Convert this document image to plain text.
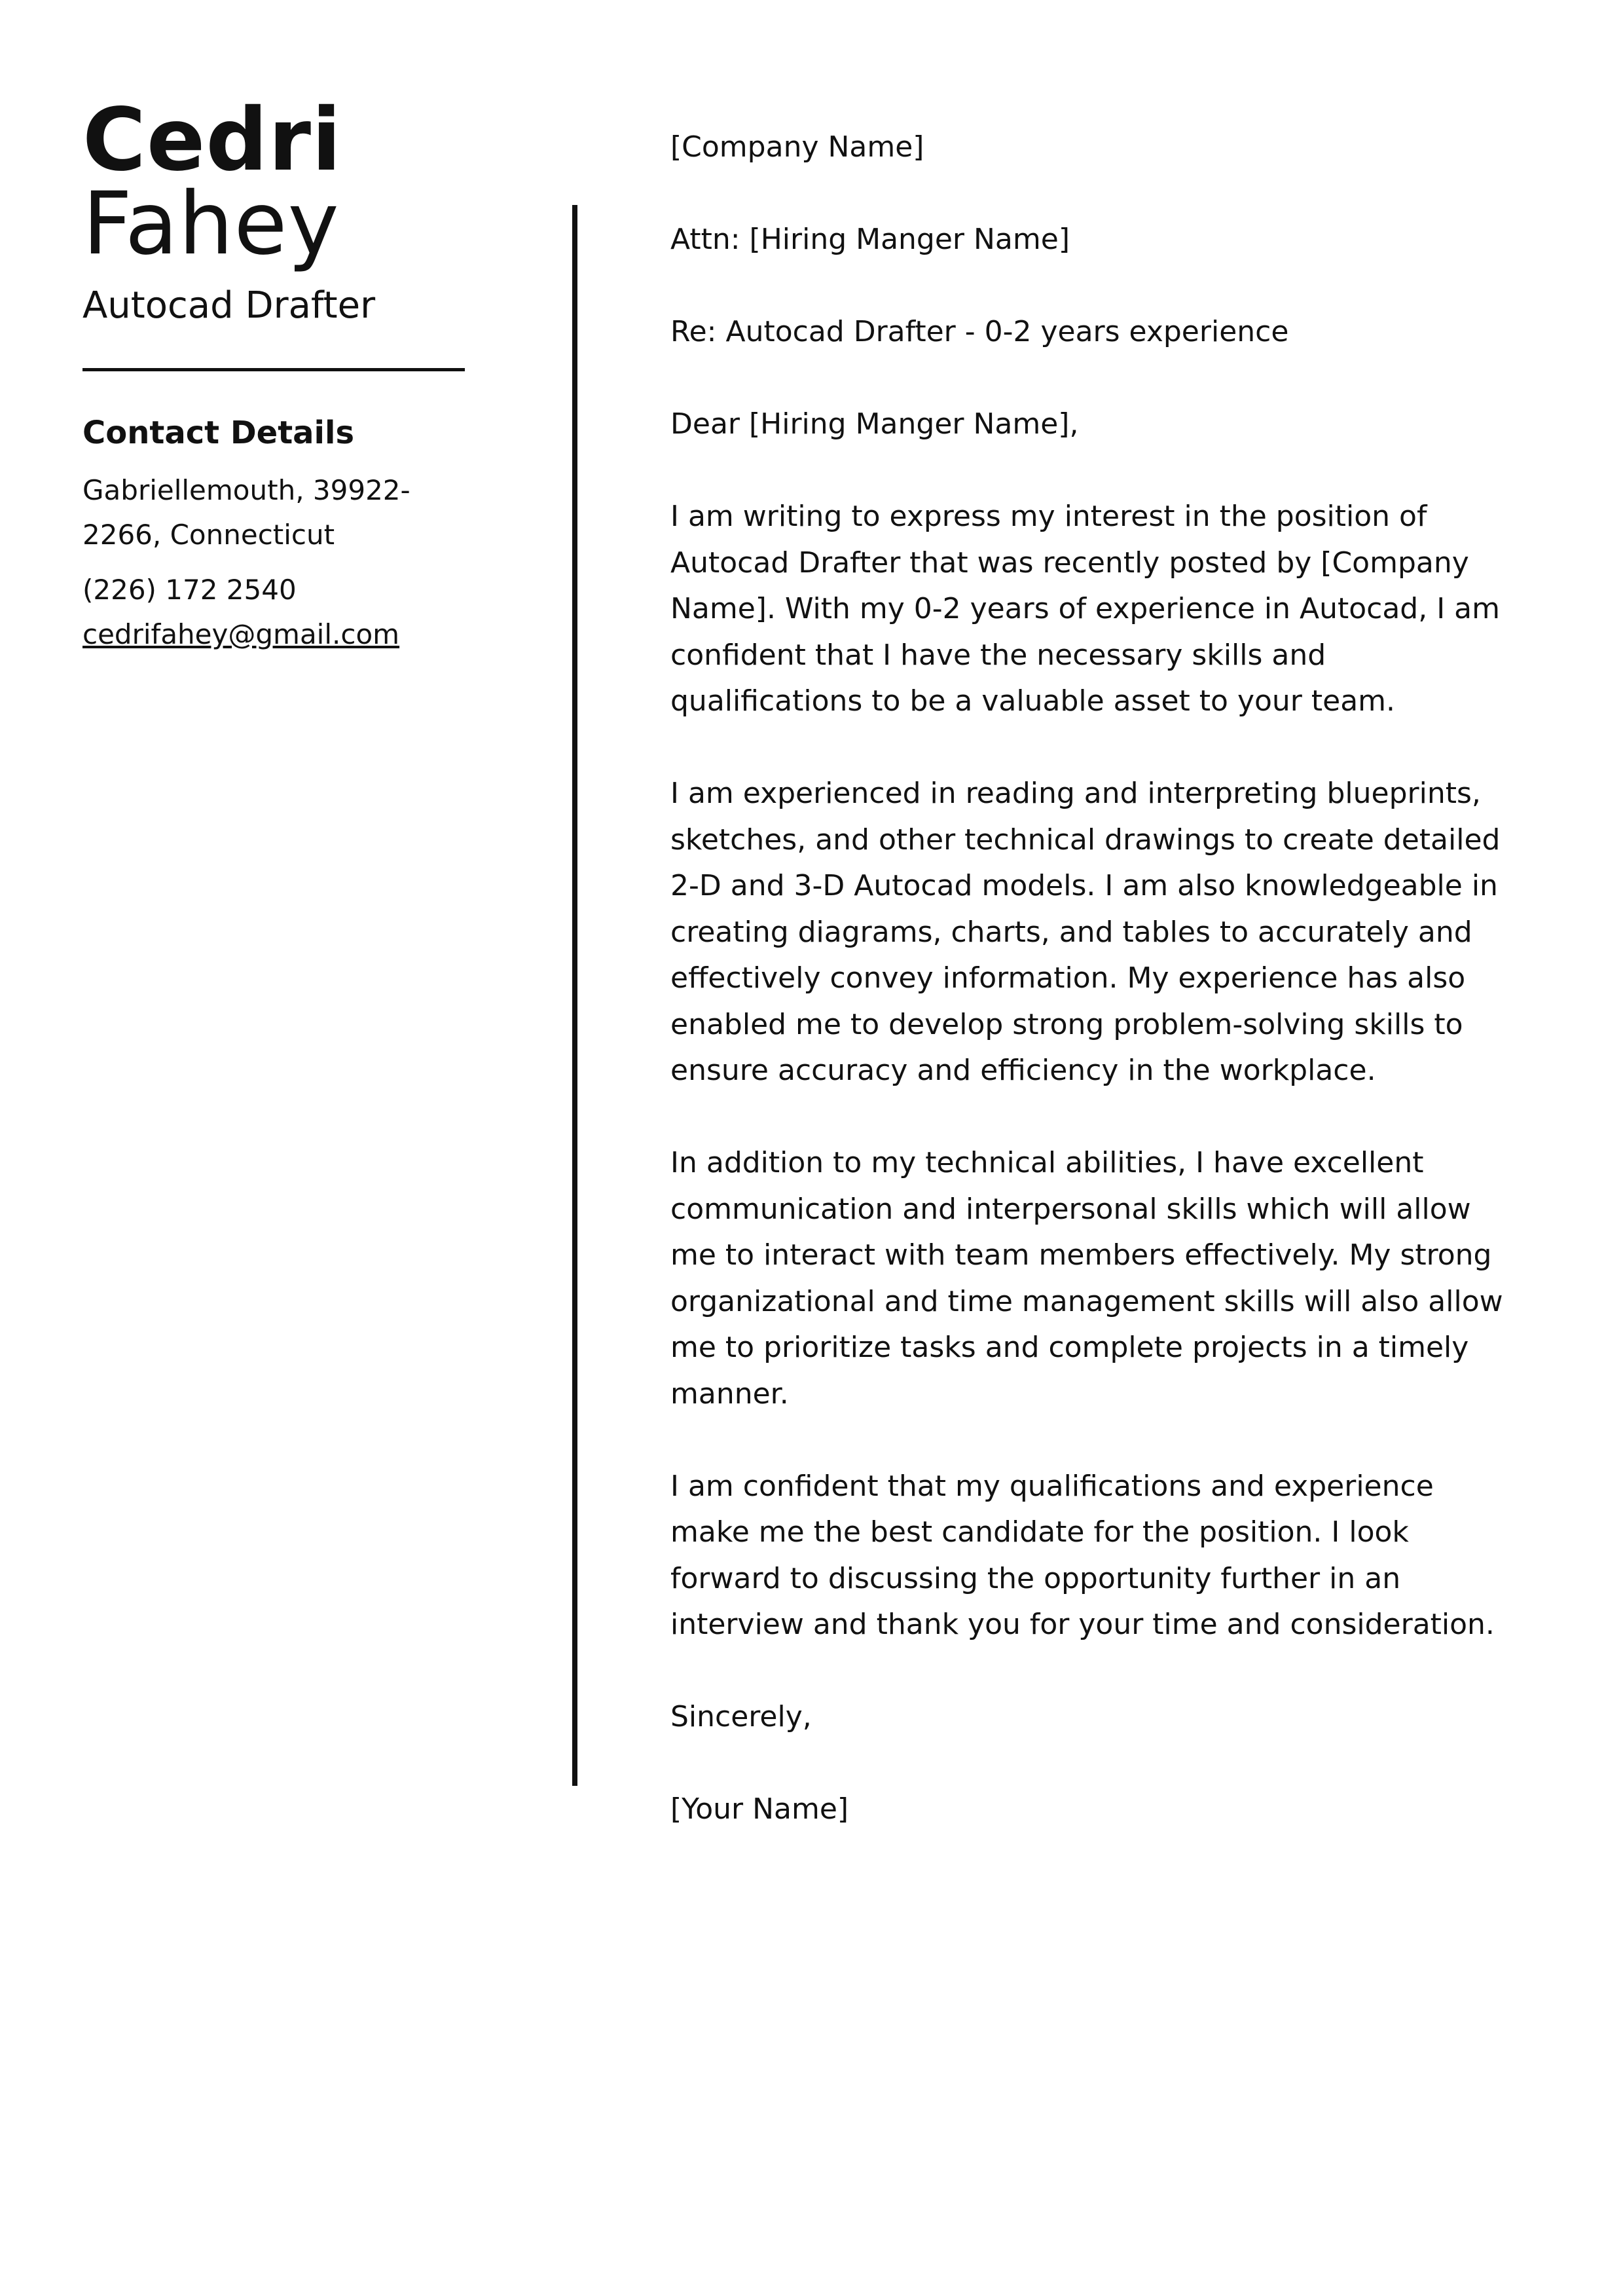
Cedri
Fahey
Autocad Drafter
Contact Details
Gabriellemouth, 39922-2266, Connecticut
(226) 172 2540
cedrifahey@gmail.com

[Company Name]

Attn: [Hiring Manger Name]

Re: Autocad Drafter - 0-2 years experience

Dear [Hiring Manger Name],

I am writing to express my interest in the position of Autocad Drafter that was recently posted by [Company Name]. With my 0-2 years of experience in Autocad, I am confident that I have the necessary skills and qualifications to be a valuable asset to your team.

I am experienced in reading and interpreting blueprints, sketches, and other technical drawings to create detailed 2-D and 3-D Autocad models. I am also knowledgeable in creating diagrams, charts, and tables to accurately and effectively convey information. My experience has also enabled me to develop strong problem-solving skills to ensure accuracy and efficiency in the workplace.

In addition to my technical abilities, I have excellent communication and interpersonal skills which will allow me to interact with team members effectively. My strong organizational and time management skills will also allow me to prioritize tasks and complete projects in a timely manner.

I am confident that my qualifications and experience make me the best candidate for the position. I look forward to discussing the opportunity further in an interview and thank you for your time and consideration.

Sincerely,

[Your Name]
